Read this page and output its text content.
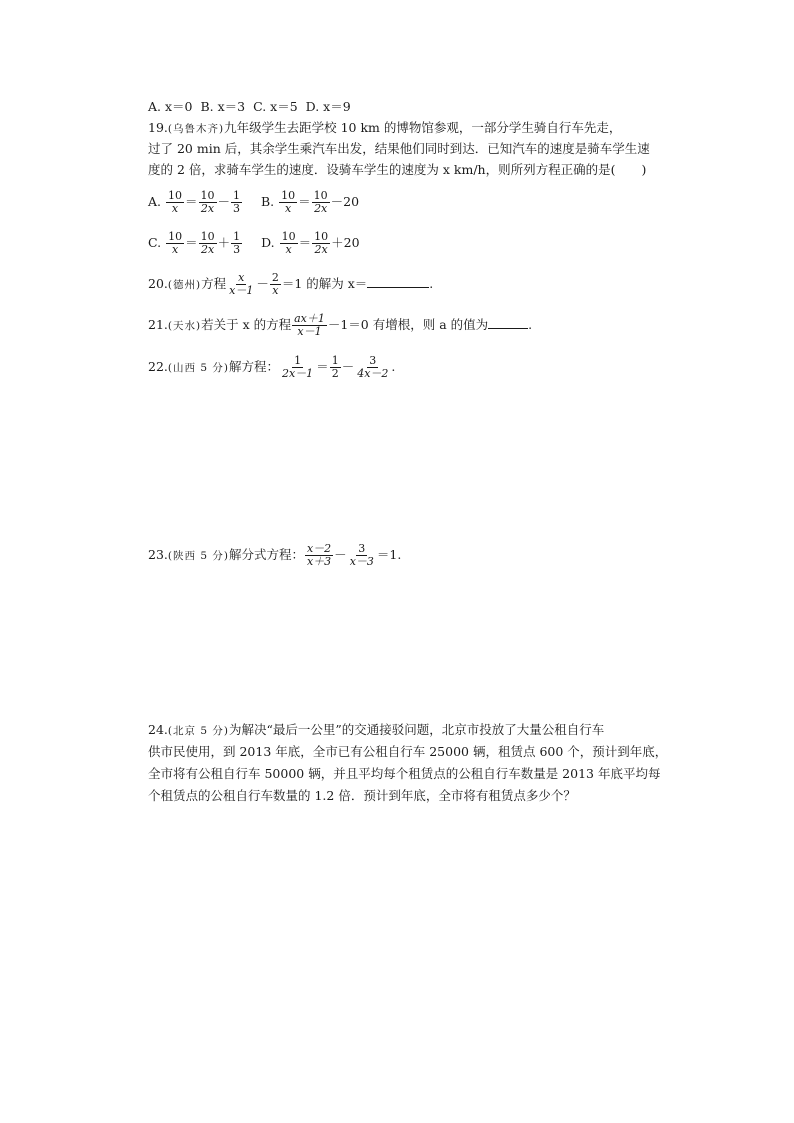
A. x＝0 B. x＝3 C. x＝5 D. x＝9
19.(乌鲁木齐)九年级学生去距学校 10 km 的博物馆参观，一部分学生骑自行车先走，
过了 20 min 后，其余学生乘汽车出发，结果他们同时到达．已知汽车的速度是骑车学生速
度的 2 倍，求骑车学生的速度．设骑车学生的速度为 x km/h，则所列方程正确的是( )
A. $\frac{10}{x} = \frac{10}{2x} - \frac{1}{3} B$. $\frac{10}{x} = \frac{10}{2x} -20$
C. $\frac{10}{x} = \frac{10}{2x} + \frac{1}{3} D$. $\frac{10}{x} = \frac{10}{2x} +20$
20.(德州)方程 $\frac{x}{x-1} - \frac{2}{x} =1$ 的解为 x＝	.
21.(天水)若关于 x 的方程 $\frac{ax+1}{x-1} -1=0$ 有增根，则 a 的值为	.
22.(山西 5 分)解方程： $\frac{1}{2x-1} = \frac{1}{2} - \frac{3}{4x-2}$ .
23.(陕西 5 分)解分式方程： $\frac{x-2}{x+3} - \frac{3}{x-3} =1$.
24.(北京 5 分)为解决“最后一公里”的交通接驳问题，北京市投放了大量公租自行车
供市民使用，到 2013 年底，全市已有公租自行车 25000 辆，租赁点 600 个，预计到年底，
全市将有公租自行车 50000 辆，并且平均每个租赁点的公租自行车数量是 2013 年底平均每
个租赁点的公租自行车数量的 1.2 倍．预计到年底，全市将有租赁点多少个？
